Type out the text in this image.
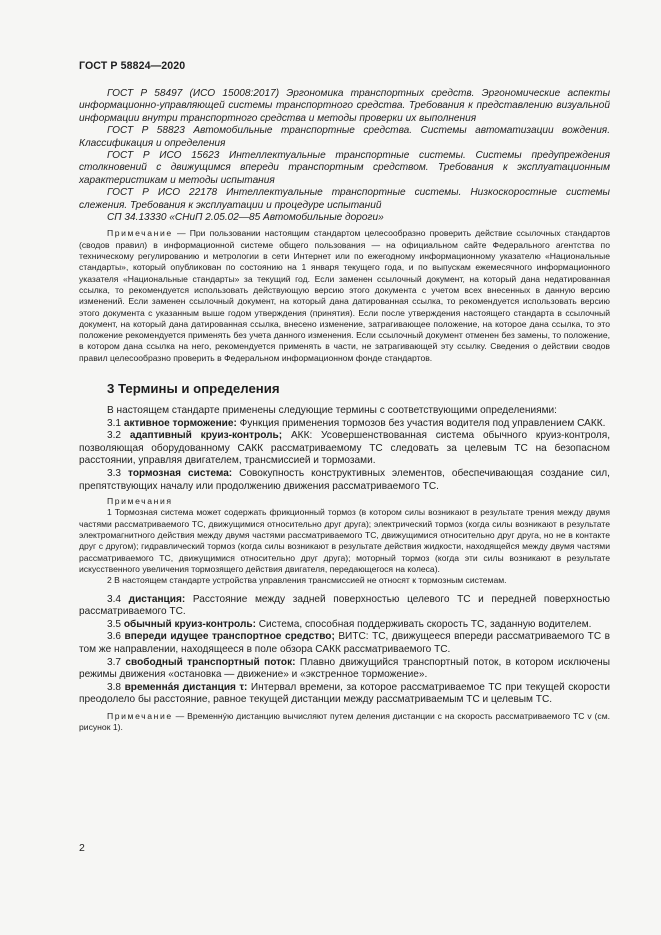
ГОСТ Р 58824—2020

ГОСТ Р 58497 (ИСО 15008:2017) Эргономика транспортных средств. Эргономические аспекты информационно-управляющей системы транспортного средства. Требования к представлению визуальной информации внутри транспортного средства и методы проверки их выполнения

ГОСТ Р 58823 Автомобильные транспортные средства. Системы автоматизации вождения. Классификация и определения

ГОСТ Р ИСО 15623 Интеллектуальные транспортные системы. Системы предупреждения столкновений с движущимся впереди транспортным средством. Требования к эксплуатационным характеристикам и методы испытания

ГОСТ Р ИСО 22178 Интеллектуальные транспортные системы. Низкоскоростные системы слежения. Требования к эксплуатации и процедуре испытаний

СП 34.13330 «СНиП 2.05.02—85 Автомобильные дороги»

Примечание — При пользовании настоящим стандартом целесообразно проверить действие ссылочных стандартов (сводов правил) в информационной системе общего пользования — на официальном сайте Федерального агентства по техническому регулированию и метрологии в сети Интернет или по ежегодному информационному указателю «Национальные стандарты», который опубликован по состоянию на 1 января текущего года, и по выпускам ежемесячного информационного указателя «Национальные стандарты» за текущий год. Если заменен ссылочный документ, на который дана недатированная ссылка, то рекомендуется использовать действующую версию этого документа с учетом всех внесенных в данную версию изменений. Если заменен ссылочный документ, на который дана датированная ссылка, то рекомендуется использовать версию этого документа с указанным выше годом утверждения (принятия). Если после утверждения настоящего стандарта в ссылочный документ, на который дана датированная ссылка, внесено изменение, затрагивающее положение, на которое дана ссылка, то это положение рекомендуется применять без учета данного изменения. Если ссылочный документ отменен без замены, то положение, в котором дана ссылка на него, рекомендуется применять в части, не затрагивающей эту ссылку. Сведения о действии сводов правил целесообразно проверить в Федеральном информационном фонде стандартов.

3 Термины и определения

В настоящем стандарте применены следующие термины с соответствующими определениями:

3.1 активное торможение: Функция применения тормозов без участия водителя под управлением САКК.

3.2 адаптивный круиз-контроль; АКК: Усовершенствованная система обычного круиз-контроля, позволяющая оборудованному САКК рассматриваемому ТС следовать за целевым ТС на безопасном расстоянии, управляя двигателем, трансмиссией и тормозами.

3.3 тормозная система: Совокупность конструктивных элементов, обеспечивающая создание сил, препятствующих началу или продолжению движения рассматриваемого ТС.

Примечания

1 Тормозная система может содержать фрикционный тормоз (в котором силы возникают в результате трения между двумя частями рассматриваемого ТС, движущимися относительно друг друга); электрический тормоз (когда силы возникают в результате электромагнитного действия между двумя частями рассматриваемого ТС, движущимися относительно друг друга, но не в контакте друг с другом); гидравлический тормоз (когда силы возникают в результате действия жидкости, находящейся между двумя частями рассматриваемого ТС, движущимися относительно друг друга); моторный тормоз (когда эти силы возникают в результате искусственного увеличения тормозящего действия двигателя, передающегося на колеса).

2 В настоящем стандарте устройства управления трансмиссией не относят к тормозным системам.

3.4 дистанция: Расстояние между задней поверхностью целевого ТС и передней поверхностью рассматриваемого ТС.

3.5 обычный круиз-контроль: Система, способная поддерживать скорость ТС, заданную водителем.

3.6 впереди идущее транспортное средство; ВИТС: ТС, движущееся впереди рассматриваемого ТС в том же направлении, находящееся в поле обзора САКК рассматриваемого ТС.

3.7 свободный транспортный поток: Плавно движущийся транспортный поток, в котором исключены режимы движения «остановка — движение» и «экстренное торможение».

3.8 временнáя дистанция τ: Интервал времени, за которое рассматриваемое ТС при текущей скорости преодолело бы расстояние, равное текущей дистанции между рассматриваемым ТС и целевым ТС.

Примечание — Временнýю дистанцию вычисляют путем деления дистанции c на скорость рассматриваемого ТС v (см. рисунок 1).

2
